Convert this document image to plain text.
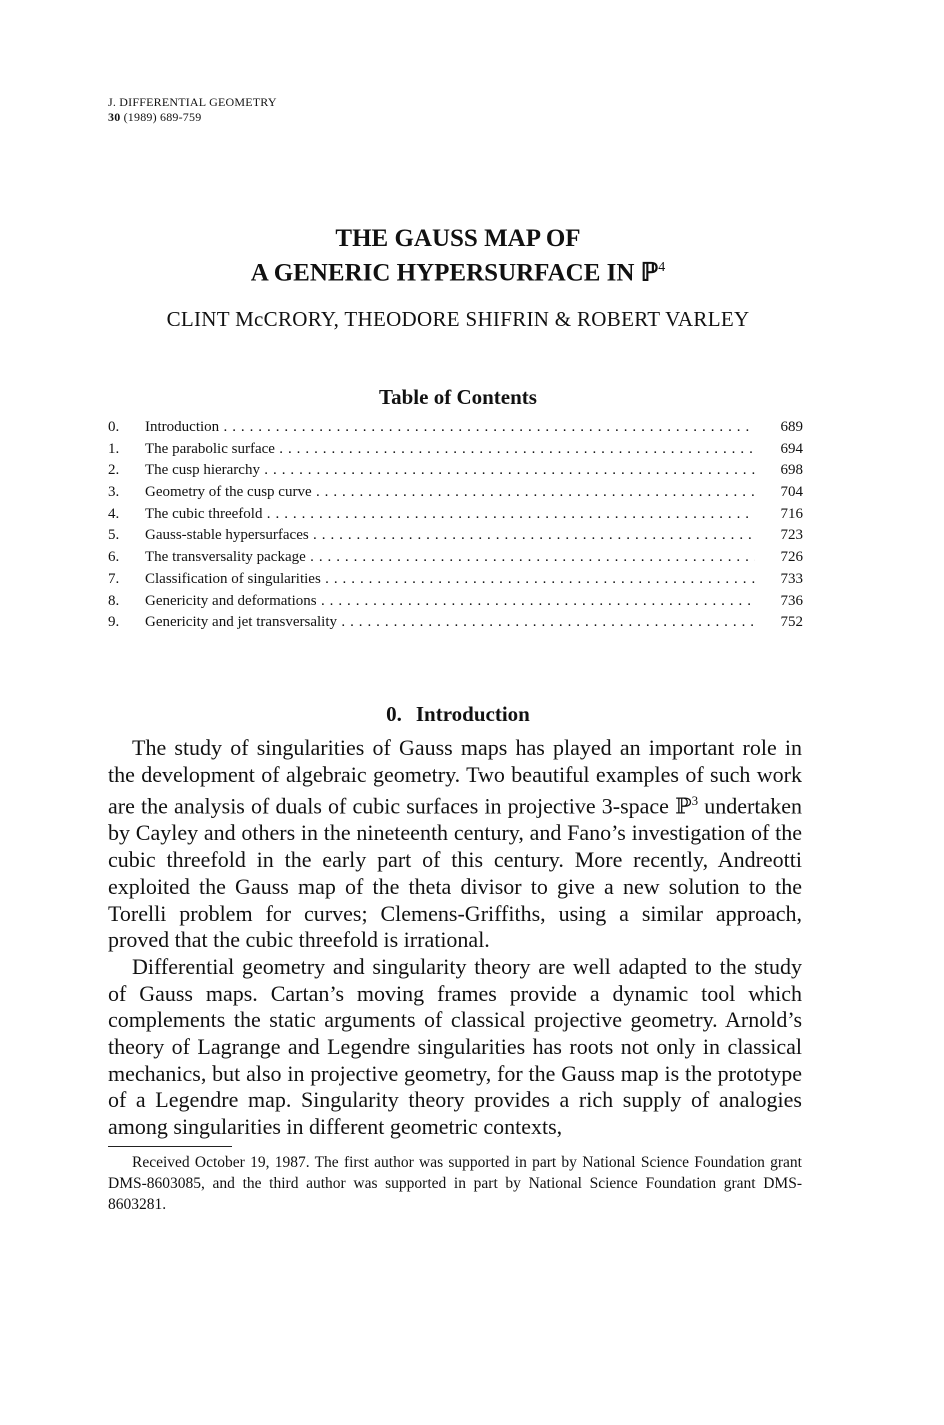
J. DIFFERENTIAL GEOMETRY
30 (1989) 689-759
THE GAUSS MAP OF
A GENERIC HYPERSURFACE IN ℙ$^4$
CLINT McCRORY, THEODORE SHIFRIN & ROBERT VARLEY
Table of Contents
0. Introduction . . .	689
1. The parabolic surface . . .	694
2. The cusp hierarchy . . .	698
3. Geometry of the cusp curve . . .	704
4. The cubic threefold . . .	716
5. Gauss-stable hypersurfaces . . .	723
6. The transversality package . . .	726
7. Classification of singularities . . .	733
8. Genericity and deformations . . .	736
9. Genericity and jet transversality . . .	752
0. Introduction

The study of singularities of Gauss maps has played an important role in the development of algebraic geometry. Two beautiful examples of such work are the analysis of duals of cubic surfaces in projective 3-space ℙ$^3$ undertaken by Cayley and others in the nineteenth century, and Fano’s investigation of the cubic threefold in the early part of this century. More recently, Andreotti exploited the Gauss map of the theta divisor to give a new solution to the Torelli problem for curves; Clemens-Griffiths, using a similar approach, proved that the cubic threefold is irrational.

Differential geometry and singularity theory are well adapted to the study of Gauss maps. Cartan’s moving frames provide a dynamic tool which complements the static arguments of classical projective geometry. Arnold’s theory of Lagrange and Legendre singularities has roots not only in classical mechanics, but also in projective geometry, for the Gauss map is the prototype of a Legendre map. Singularity theory provides a rich supply of analogies among singularities in different geometric contexts,

Received October 19, 1987. The first author was supported in part by National Science Foundation grant DMS-8603085, and the third author was supported in part by National Science Foundation grant DMS-8603281.
